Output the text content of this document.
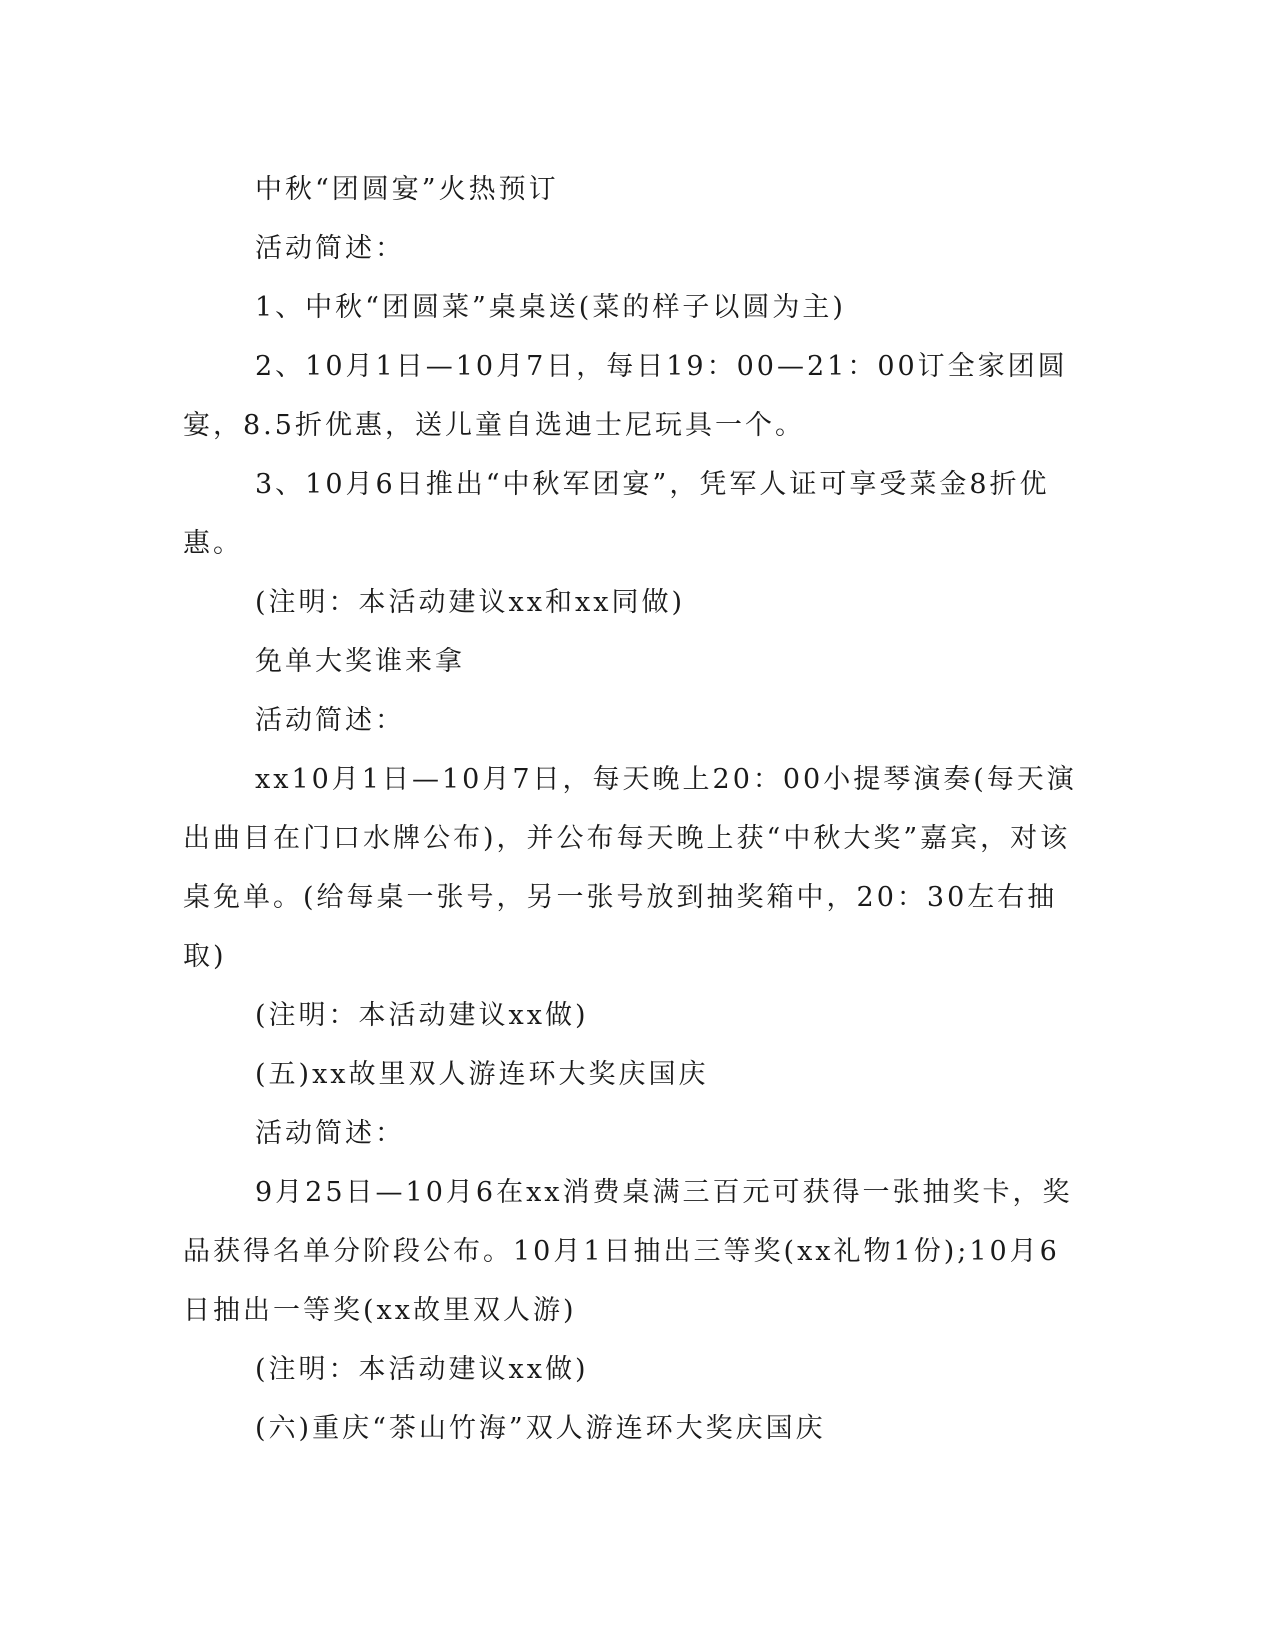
中秋“团圆宴”火热预订

活动简述：

1、中秋“团圆菜”桌桌送(菜的样子以圆为主)

2、10月1日—10月7日，每日19：00—21：00订全家团圆宴，8.5折优惠，送儿童自选迪士尼玩具一个。

3、10月6日推出“中秋军团宴”，凭军人证可享受菜金8折优惠。

(注明：本活动建议xx和xx同做)

免单大奖谁来拿

活动简述：

xx10月1日—10月7日，每天晚上20：00小提琴演奏(每天演出曲目在门口水牌公布)，并公布每天晚上获“中秋大奖”嘉宾，对该桌免单。(给每桌一张号，另一张号放到抽奖箱中，20：30左右抽取)

(注明：本活动建议xx做)

(五)xx故里双人游连环大奖庆国庆

活动简述：

9月25日—10月6在xx消费桌满三百元可获得一张抽奖卡，奖品获得名单分阶段公布。10月1日抽出三等奖(xx礼物1份);10月6日抽出一等奖(xx故里双人游)

(注明：本活动建议xx做)

(六)重庆“茶山竹海”双人游连环大奖庆国庆
